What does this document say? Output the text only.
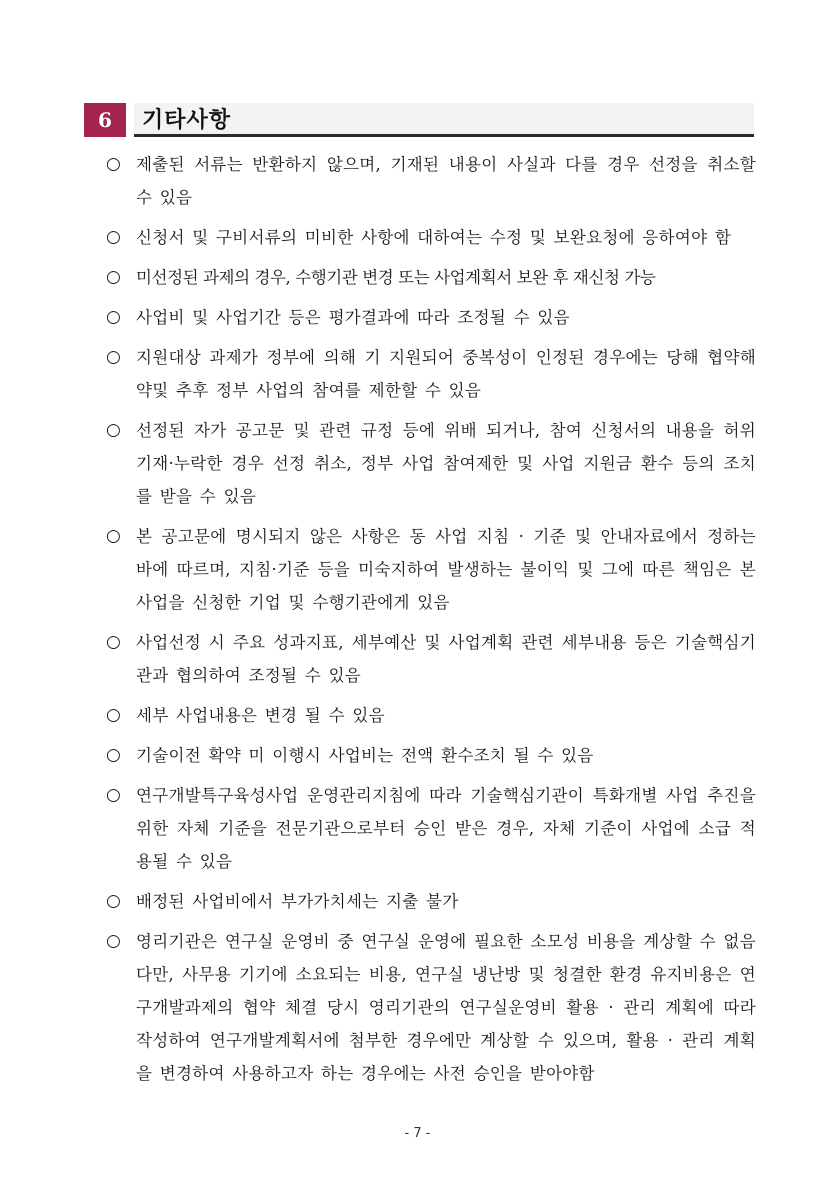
6	기타사항
○ 제출된 서류는 반환하지 않으며, 기재된 내용이 사실과 다를 경우 선정을 취소할 수 있음
○ 신청서 및 구비서류의 미비한 사항에 대하여는 수정 및 보완요청에 응하여야 함
○ 미선정된 과제의 경우, 수행기관 변경 또는 사업계획서 보완 후 재신청 가능
○ 사업비 및 사업기간 등은 평가결과에 따라 조정될 수 있음
○ 지원대상 과제가 정부에 의해 기 지원되어 중복성이 인정된 경우에는 당해 협약해약및 추후 정부 사업의 참여를 제한할 수 있음
○ 선정된 자가 공고문 및 관련 규정 등에 위배 되거나, 참여 신청서의 내용을 허위 기재·누락한 경우 선정 취소, 정부 사업 참여제한 및 사업 지원금 환수 등의 조치를 받을 수 있음
○ 본 공고문에 명시되지 않은 사항은 동 사업 지침 · 기준 및 안내자료에서 정하는 바에 따르며, 지침·기준 등을 미숙지하여 발생하는 불이익 및 그에 따른 책임은 본 사업을 신청한 기업 및 수행기관에게 있음
○ 사업선정 시 주요 성과지표, 세부예산 및 사업계획 관련 세부내용 등은 기술핵심기관과 협의하여 조정될 수 있음
○ 세부 사업내용은 변경 될 수 있음
○ 기술이전 확약 미 이행시 사업비는 전액 환수조치 될 수 있음
○ 연구개발특구육성사업 운영관리지침에 따라 기술핵심기관이 특화개별 사업 추진을 위한 자체 기준을 전문기관으로부터 승인 받은 경우, 자체 기준이 사업에 소급 적용될 수 있음
○ 배정된 사업비에서 부가가치세는 지출 불가
○ 영리기관은 연구실 운영비 중 연구실 운영에 필요한 소모성 비용을 계상할 수 없음 다만, 사무용 기기에 소요되는 비용, 연구실 냉난방 및 청결한 환경 유지비용은 연구개발과제의 협약 체결 당시 영리기관의 연구실운영비 활용 · 관리 계획에 따라 작성하여 연구개발계획서에 첨부한 경우에만 계상할 수 있으며, 활용 · 관리 계획을 변경하여 사용하고자 하는 경우에는 사전 승인을 받아야함
- 7 -
